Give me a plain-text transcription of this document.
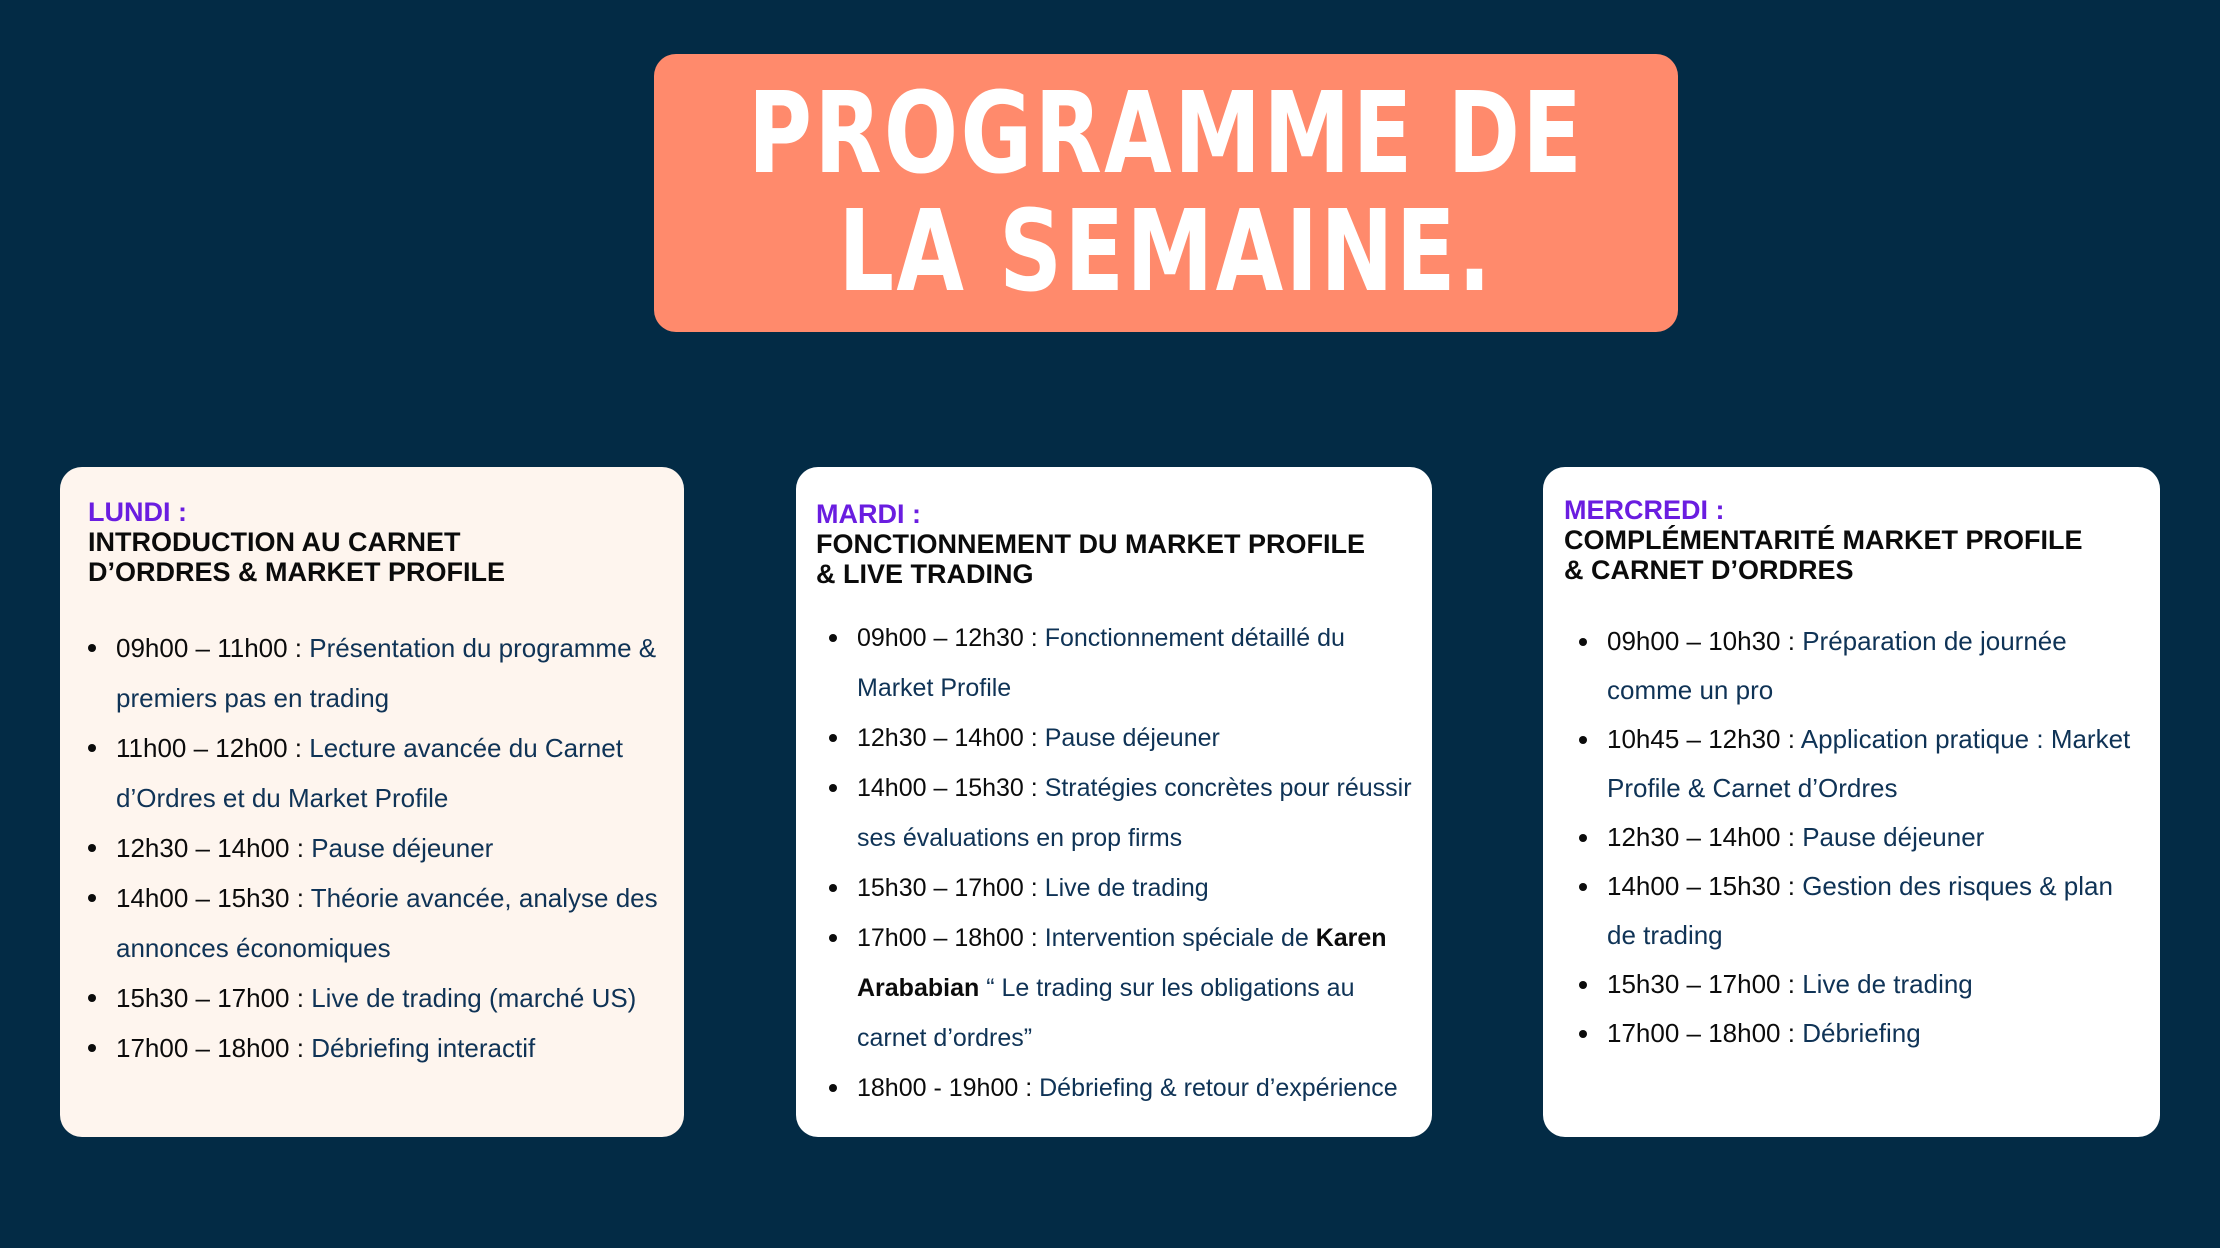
PROGRAMME DE
LA SEMAINE.
LUNDI :
INTRODUCTION AU CARNET
D’ORDRES & MARKET PROFILE
09h00 – 11h00 : Présentation du programme & premiers pas en trading
11h00 – 12h00 : Lecture avancée du Carnet d’Ordres et du Market Profile
12h30 – 14h00 : Pause déjeuner
14h00 – 15h30 : Théorie avancée, analyse des annonces économiques
15h30 – 17h00 : Live de trading (marché US)
17h00 – 18h00 : Débriefing interactif
MARDI :
FONCTIONNEMENT DU MARKET PROFILE
& LIVE TRADING
09h00 – 12h30 : Fonctionnement détaillé du Market Profile
12h30 – 14h00 : Pause déjeuner
14h00 – 15h30 : Stratégies concrètes pour réussir ses évaluations en prop firms
15h30 – 17h00 : Live de trading
17h00 – 18h00 : Intervention spéciale de Karen Arababian “ Le trading sur les obligations au carnet d’ordres”
18h00 - 19h00 : Débriefing & retour d’expérience
MERCREDI :
COMPLÉMENTARITÉ MARKET PROFILE
& CARNET D’ORDRES
09h00 – 10h30 : Préparation de journée comme un pro
10h45 – 12h30 : Application pratique : Market Profile & Carnet d’Ordres
12h30 – 14h00 : Pause déjeuner
14h00 – 15h30 : Gestion des risques & plan de trading
15h30 – 17h00 : Live de trading
17h00 – 18h00 : Débriefing
